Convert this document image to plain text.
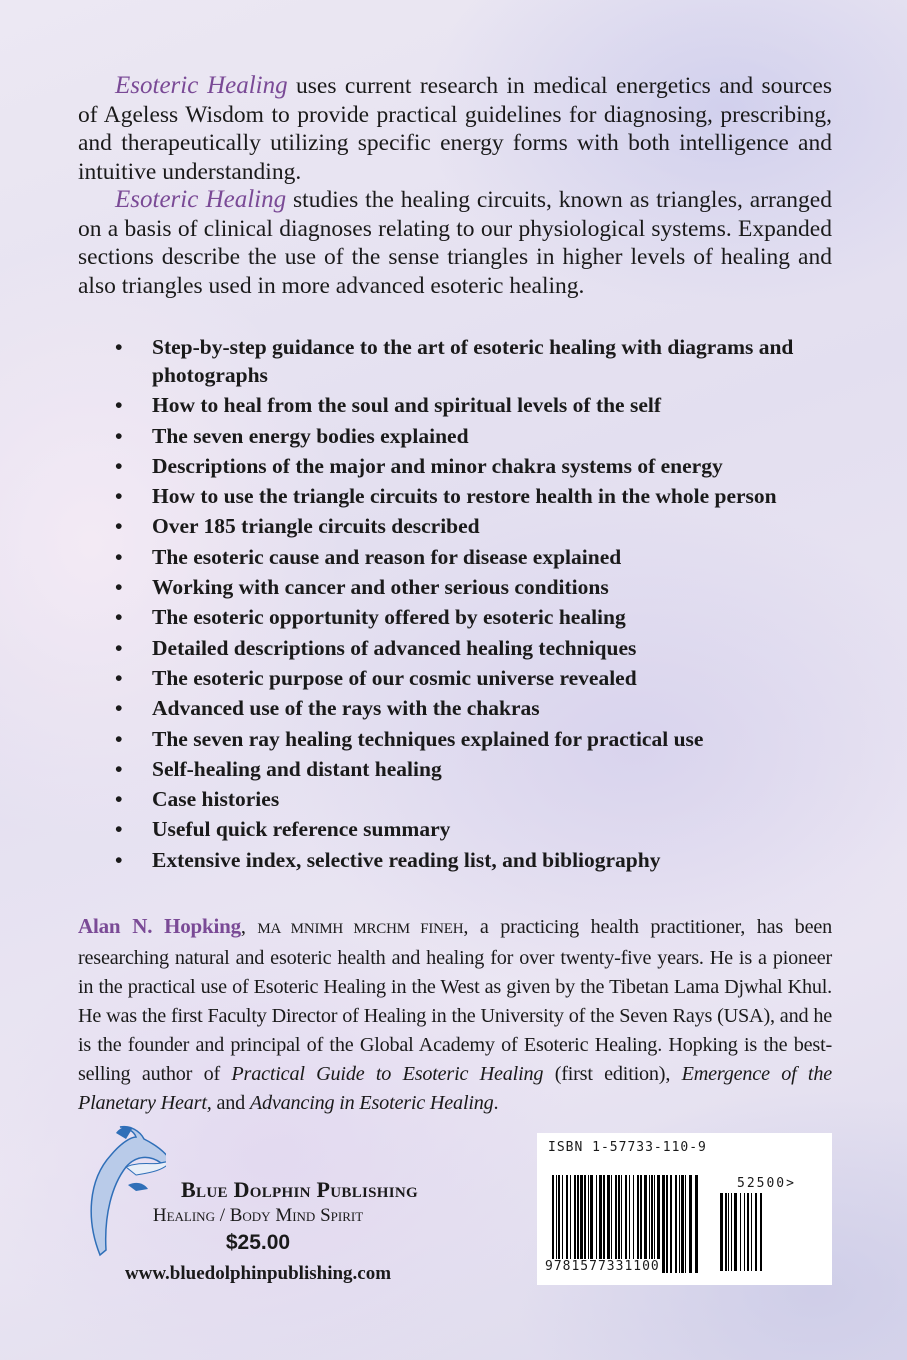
Esoteric Healing uses current research in medical energetics and sources of Ageless Wisdom to provide practical guidelines for diagnosing, prescribing, and therapeutically utilizing specific energy forms with both intelligence and intuitive understanding.

Esoteric Healing studies the healing circuits, known as triangles, arranged on a basis of clinical diagnoses relating to our physiological systems. Expanded sections describe the use of the sense triangles in higher levels of healing and also triangles used in more advanced esoteric healing.

• Step-by-step guidance to the art of esoteric healing with diagrams and photographs
• How to heal from the soul and spiritual levels of the self
• The seven energy bodies explained
• Descriptions of the major and minor chakra systems of energy
• How to use the triangle circuits to restore health in the whole person
• Over 185 triangle circuits described
• The esoteric cause and reason for disease explained
• Working with cancer and other serious conditions
• The esoteric opportunity offered by esoteric healing
• Detailed descriptions of advanced healing techniques
• The esoteric purpose of our cosmic universe revealed
• Advanced use of the rays with the chakras
• The seven ray healing techniques explained for practical use
• Self-healing and distant healing
• Case histories
• Useful quick reference summary
• Extensive index, selective reading list, and bibliography

Alan N. Hopking, MA MNIMH MRCHM FINEH, a practicing health practitioner, has been researching natural and esoteric health and healing for over twenty-five years. He is a pioneer in the practical use of Esoteric Healing in the West as given by the Tibetan Lama Djwhal Khul. He was the first Faculty Director of Healing in the University of the Seven Rays (USA), and he is the founder and principal of the Global Academy of Esoteric Healing. Hopking is the best-selling author of Practical Guide to Esoteric Healing (first edition), Emergence of the Planetary Heart, and Advancing in Esoteric Healing.

Blue Dolphin Publishing
Healing / Body Mind Spirit
$25.00
www.bluedolphinpublishing.com
ISBN 1-57733-110-9
52500>
9781577331100
